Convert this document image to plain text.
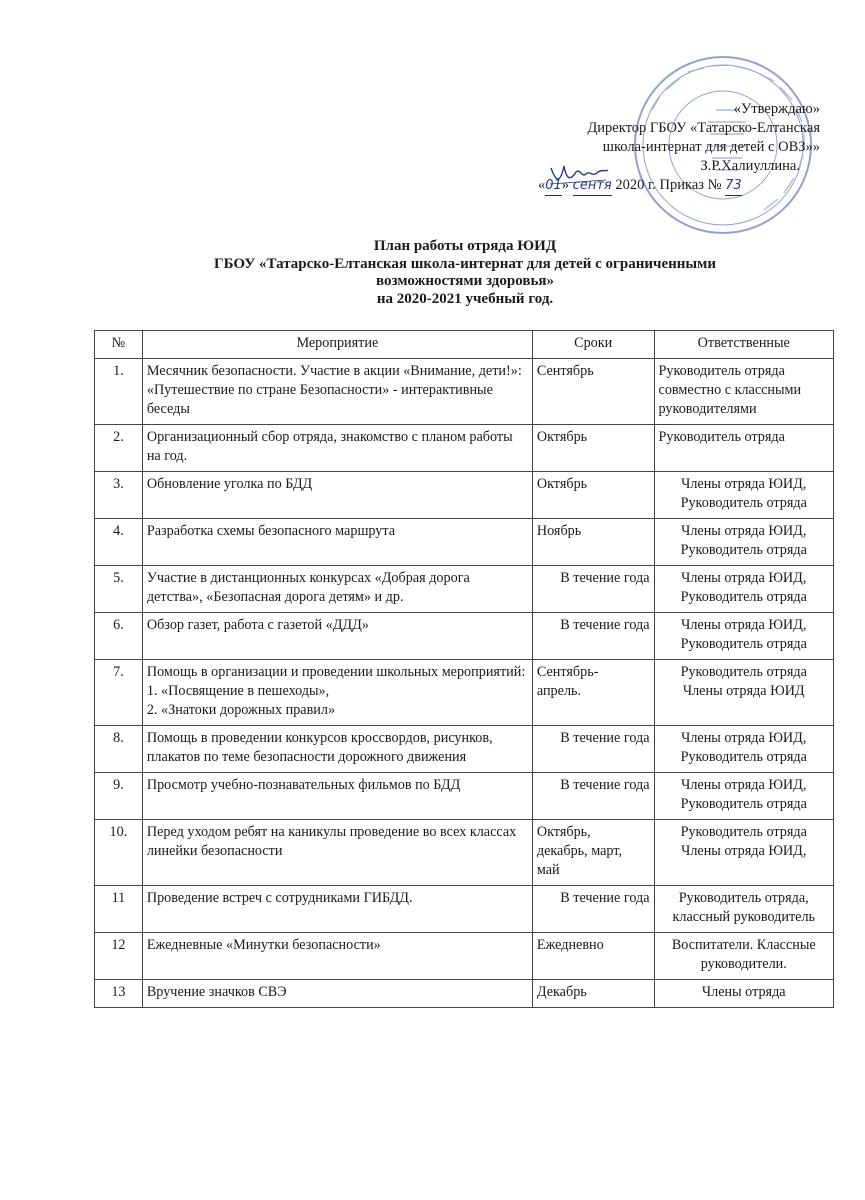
«Утверждаю»
Директор ГБОУ «Татарско-Елтанская
школа-интернат для детей с ОВЗ»»
З.Р.Халиуллина.
«01» сентя 2020 г. Приказ № 73
План работы отряда ЮИД
ГБОУ «Татарско-Елтанская школа-интернат для детей с ограниченными
возможностями здоровья»
на 2020-2021 учебный год.
№	Мероприятие	Сроки	Ответственные
1.	Месячник безопасности. Участие в акции «Внимание, дети!»: «Путешествие по стране Безопасности» - интерактивные беседы	Сентябрь	Руководитель отряда совместно с классными руководителями
2.	Организационный сбор отряда, знакомство с планом работы на год.	Октябрь	Руководитель отряда
3.	Обновление уголка по БДД	Октябрь	Члены отряда ЮИД, Руководитель отряда
4.	Разработка схемы безопасного маршрута	Ноябрь	Члены отряда ЮИД, Руководитель отряда
5.	Участие в дистанционных конкурсах «Добрая дорога детства», «Безопасная дорога детям» и др.	В течение года	Члены отряда ЮИД, Руководитель отряда
6.	Обзор газет, работа с газетой «ДДД»	В течение года	Члены отряда ЮИД, Руководитель отряда
7.	Помощь в организации и проведении школьных мероприятий:
1. «Посвящение в пешеходы»,
2. «Знатоки дорожных правил»	Сентябрь-
апрель.	Руководитель отряда
Члены отряда ЮИД
8.	Помощь в проведении конкурсов кроссвордов, рисунков, плакатов по теме безопасности дорожного движения	В течение года	Члены отряда ЮИД, Руководитель отряда
9.	Просмотр учебно-познавательных фильмов по БДД	В течение года	Члены отряда ЮИД, Руководитель отряда
10.	Перед уходом ребят на каникулы проведение во всех классах линейки безопасности	Октябрь,
декабрь, март,
май	Руководитель отряда
Члены отряда ЮИД,
11	Проведение встреч с сотрудниками ГИБДД.	В течение года	Руководитель отряда, классный руководитель
12	Ежедневные «Минутки безопасности»	Ежедневно	Воспитатели. Классные руководители.
13	Вручение значков СВЭ	Декабрь	Члены отряда
